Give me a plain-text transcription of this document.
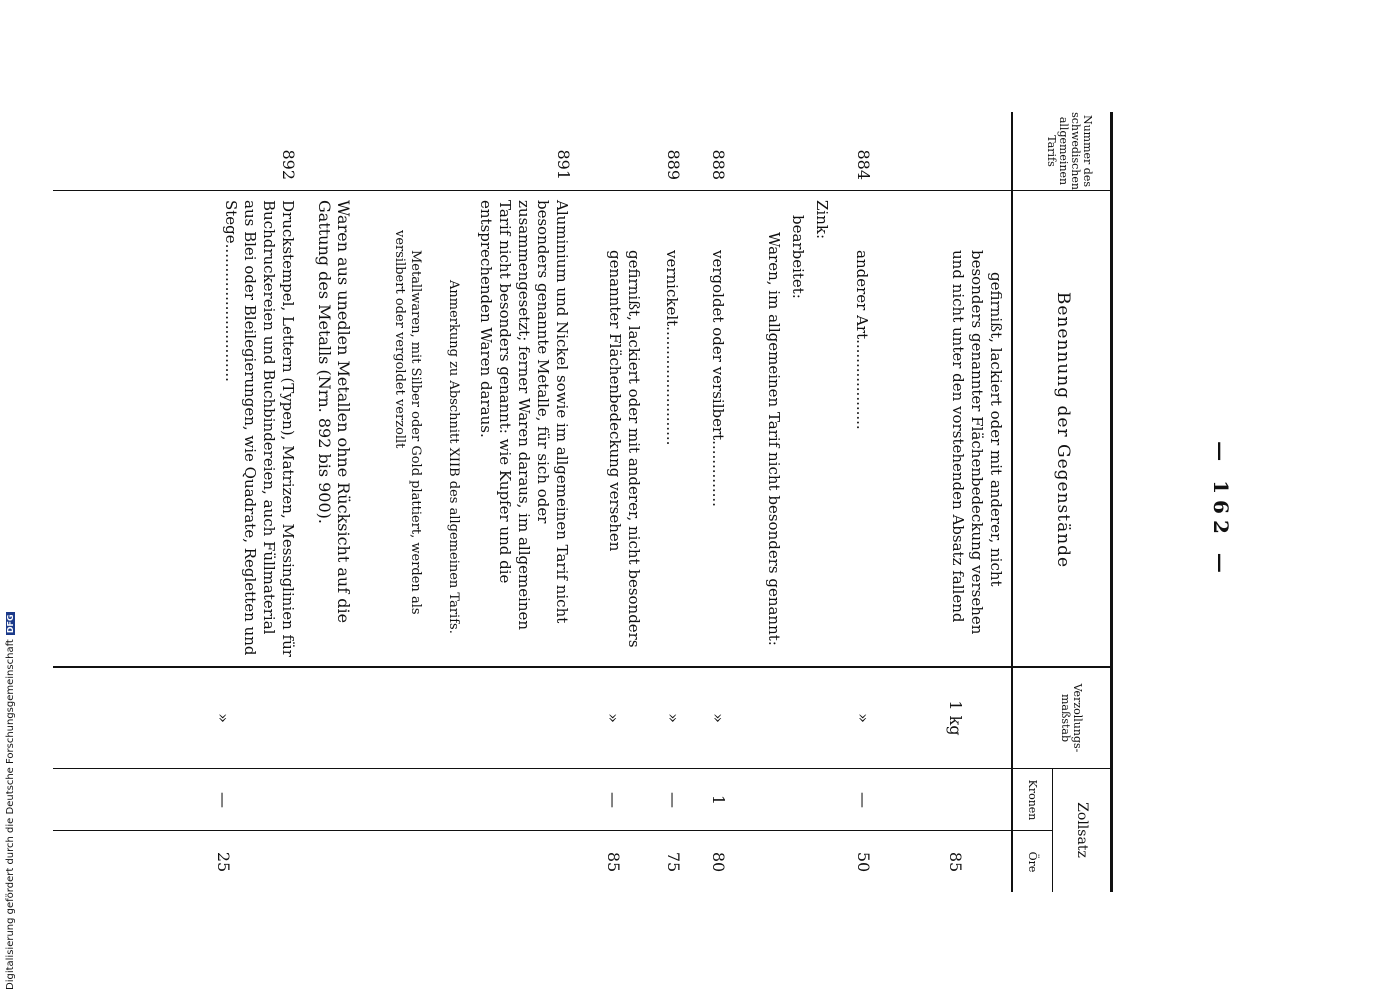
— 162 —
Nummer des schwedischen allgemeinen Tarifs
Benennung der Gegenstände
Verzollungs-maßstab
Zollsatz
Kronen
Öre
gefirnißt, lackiert oder mit anderer, nicht besonders genannter Flächenbedeckung versehen und nicht unter den vorstehenden Absatz fallend
1 kg
85
884
anderer Art...................
»
—
50
Zink:
bearbeitet:
Waren, im allgemeinen Tarif nicht besonders genannt:
888
vergoldet oder versilbert..............
»
1
80
889
vernickelt.........................
»
—
75
gefirnißt, lackiert oder mit anderer, nicht besonders genannter Flächenbedeckung versehen
»
—
85
891
Aluminium und Nickel sowie im allgemeinen Tarif nicht besonders genannte Metalle, für sich oder zusammengesetzt; ferner Waren daraus, im allgemeinen Tarif nicht besonders genannt: wie Kupfer und die entsprechenden Waren daraus.
Anmerkung zu Abschnitt XIIB des allgemeinen Tarifs.
Metallwaren, mit Silber oder Gold plattiert, werden als versilbert oder vergoldet verzollt
Waren aus unedlen Metallen ohne Rücksicht auf die Gattung des Metalls (Nrn. 892 bis 900).
892
Druckstempel, Lettern (Typen), Matrizen, Messinglinien für Buchdruckereien und Buchbindereien, auch Füllmaterial aus Blei oder Bleilegierungen, wie Quadrate, Regletten und Stege.............................
»
—
25
Digitalisierung gefördert durch die Deutsche Forschungsgemeinschaft
DFG
